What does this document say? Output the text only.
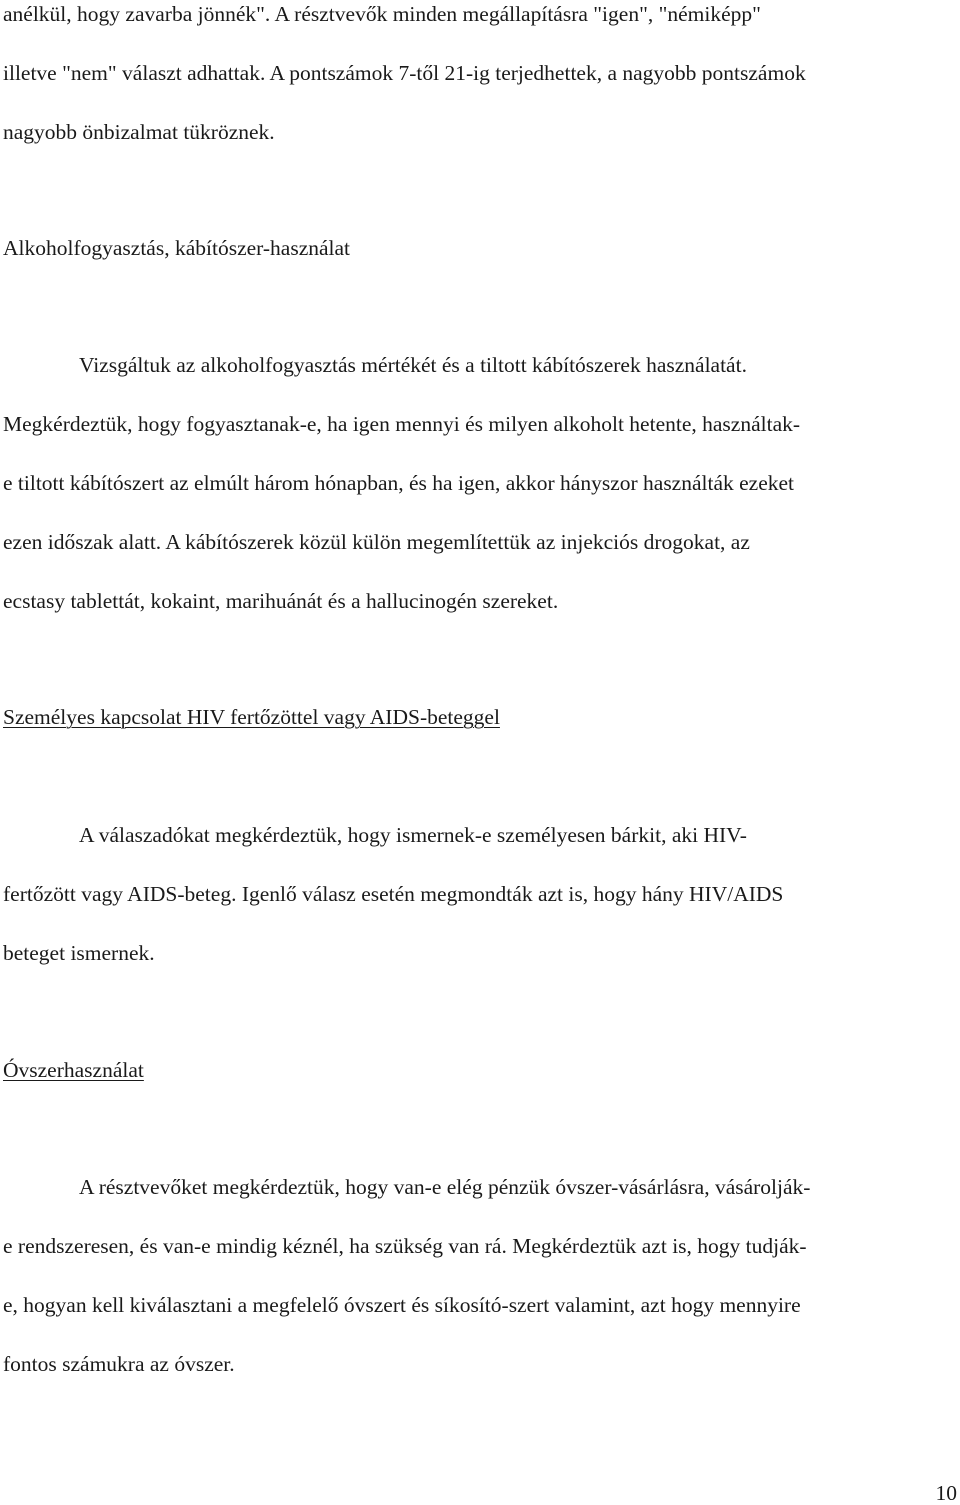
anélkül, hogy zavarba jönnék". A résztvevők minden megállapításra "igen", "némiképp"
illetve "nem" választ adhattak. A pontszámok 7-től 21-ig terjedhettek, a nagyobb pontszámok
nagyobb önbizalmat tükröznek.
Alkoholfogyasztás, kábítószer-használat
Vizsgáltuk az alkoholfogyasztás mértékét és a tiltott kábítószerek használatát.
Megkérdeztük, hogy fogyasztanak-e, ha igen mennyi és milyen alkoholt hetente, használtak-
e tiltott kábítószert az elmúlt három hónapban, és ha igen, akkor hányszor használták ezeket
ezen időszak alatt. A kábítószerek közül külön megemlítettük az injekciós drogokat, az
ecstasy tablettát, kokaint, marihuánát és a hallucinogén szereket.
Személyes kapcsolat HIV fertőzöttel vagy AIDS-beteggel
A válaszadókat megkérdeztük, hogy ismernek-e személyesen bárkit, aki HIV-
fertőzött vagy AIDS-beteg. Igenlő válasz esetén megmondták azt is, hogy hány HIV/AIDS
beteget ismernek.
Óvszerhasználat
A résztvevőket megkérdeztük, hogy van-e elég pénzük óvszer-vásárlásra, vásárolják-
e rendszeresen, és van-e mindig kéznél, ha szükség van rá. Megkérdeztük azt is, hogy tudják-
e, hogyan kell kiválasztani a megfelelő óvszert és síkosító-szert valamint, azt hogy mennyire
fontos számukra az óvszer.
10
